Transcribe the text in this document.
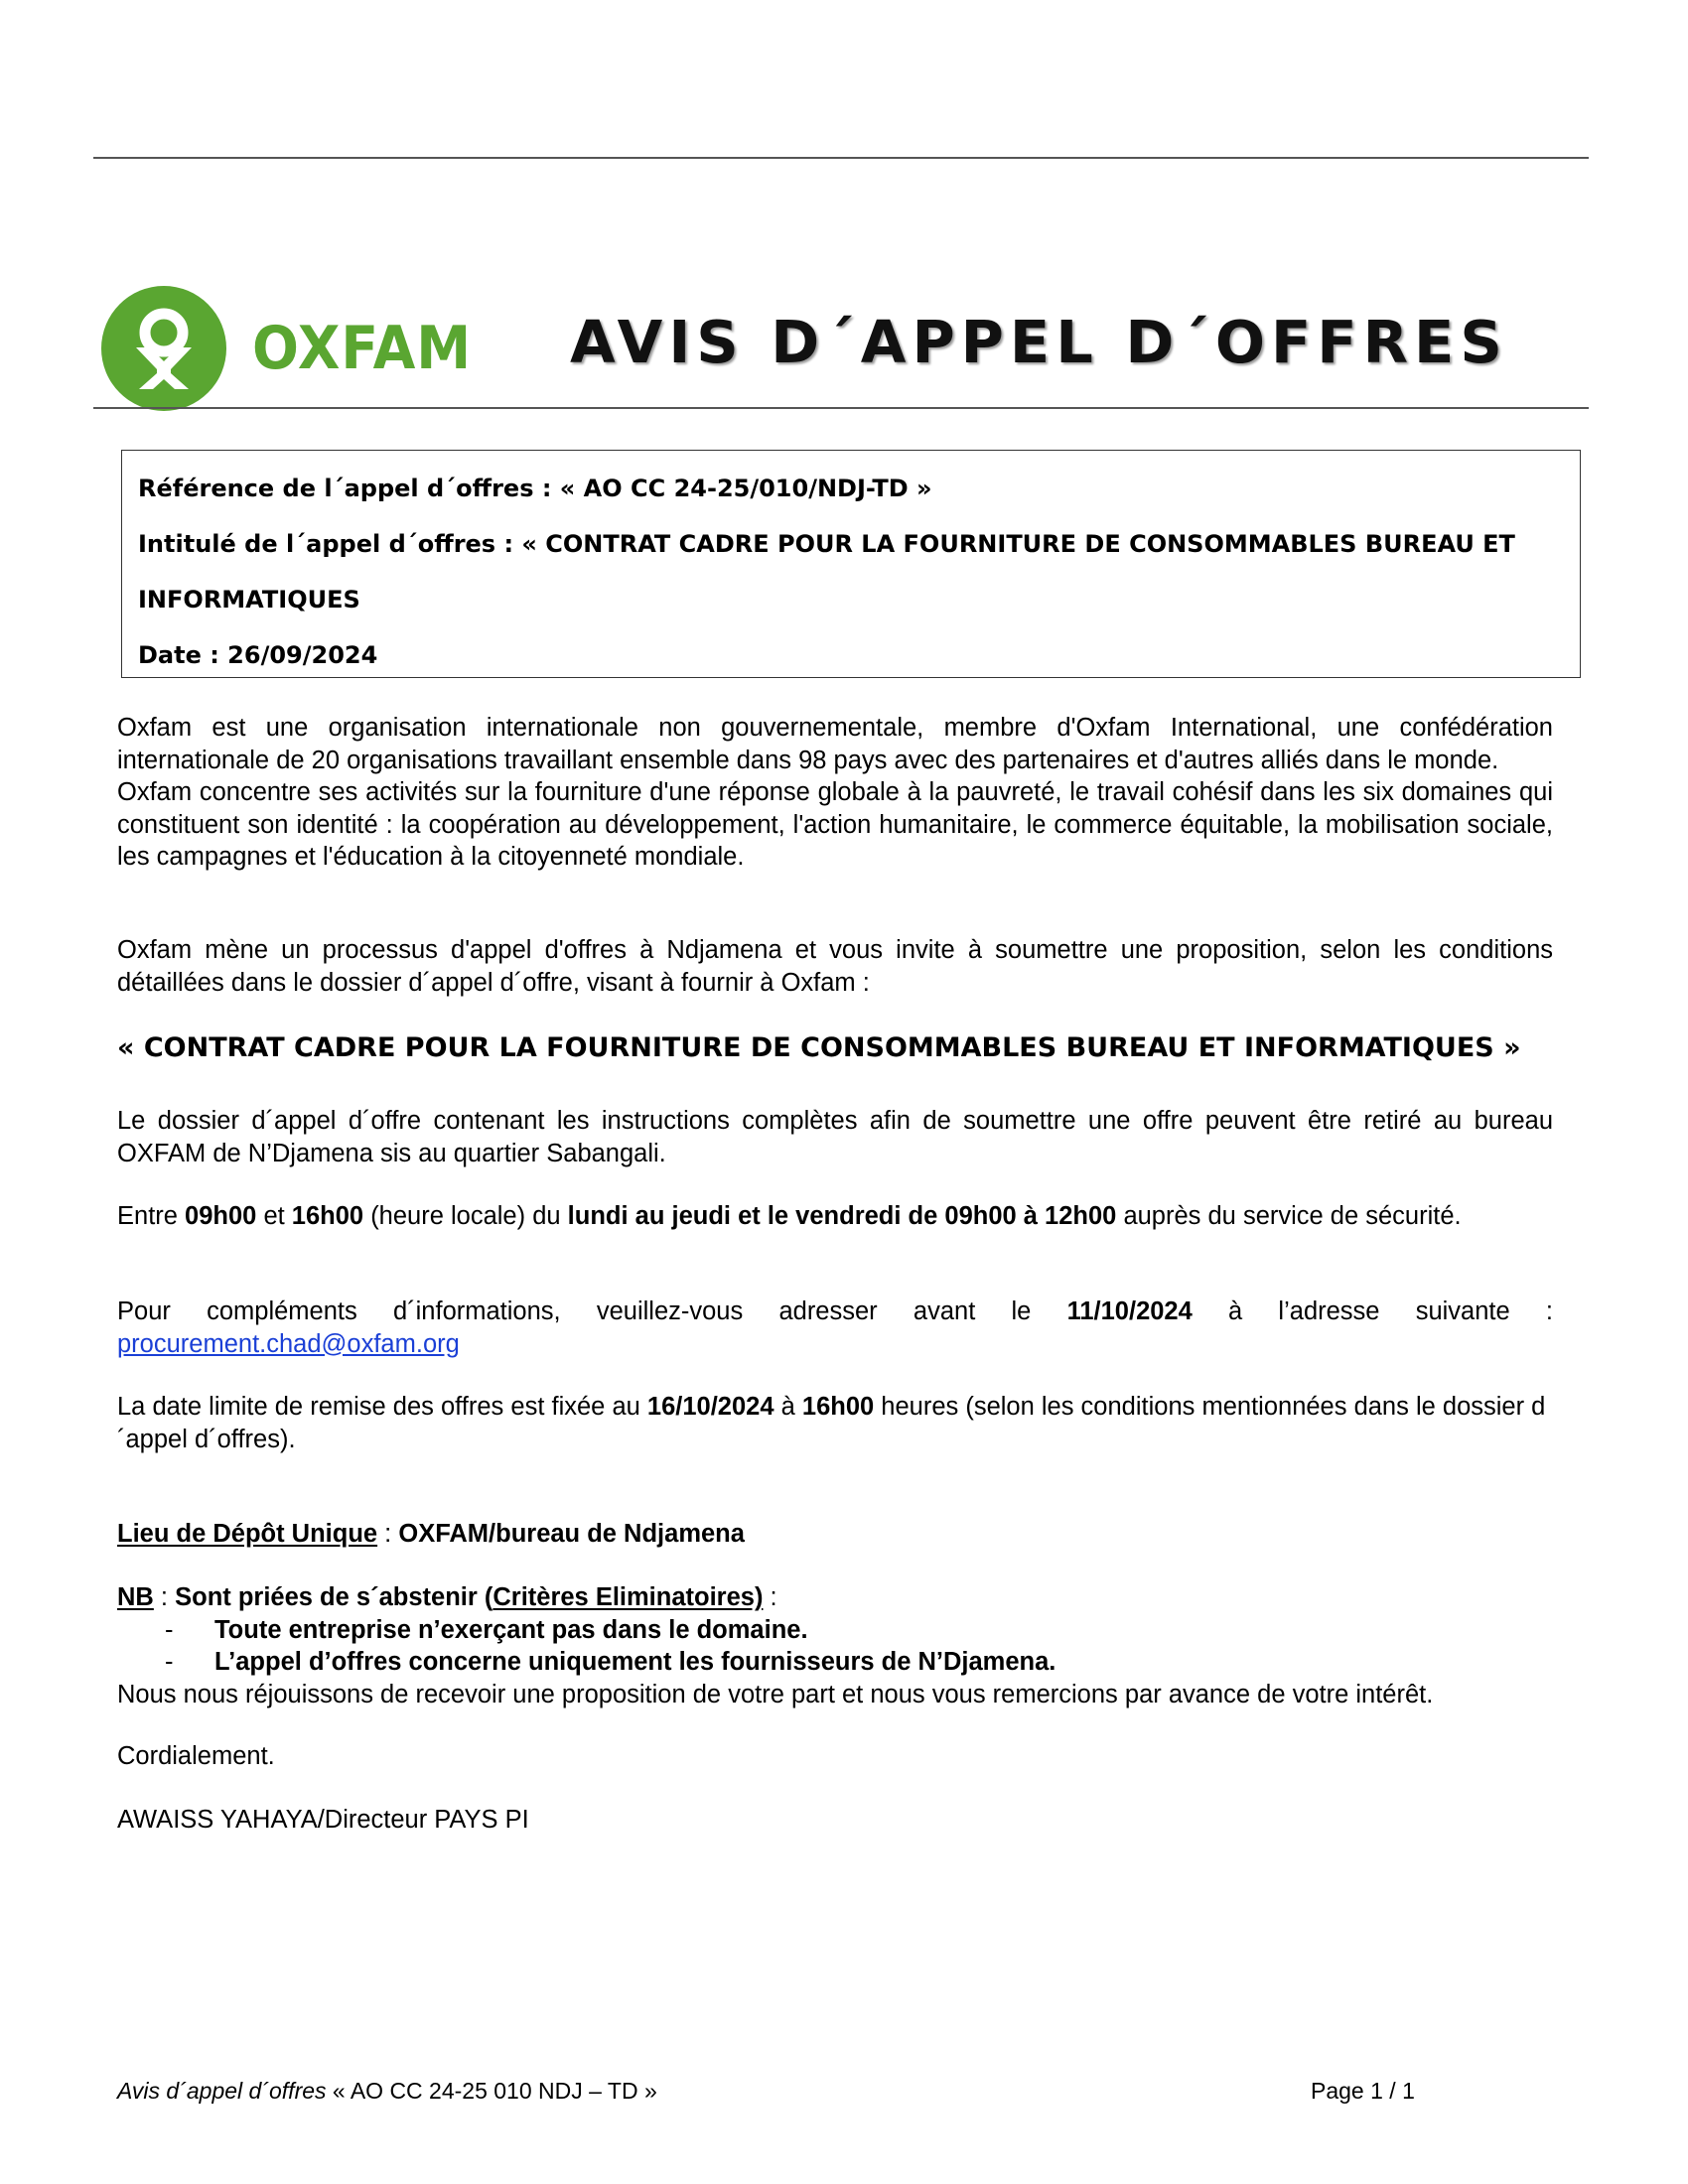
OXFAM AVIS D´APPEL D´OFFRES
Référence de l´appel d´offres : « AO CC 24-25/010/NDJ-TD »
Intitulé de l´appel d´offres : « CONTRAT CADRE POUR LA FOURNITURE DE CONSOMMABLES BUREAU ET
INFORMATIQUES
Date : 26/09/2024

Oxfam est une organisation internationale non gouvernementale, membre d'Oxfam International, une confédération internationale de 20 organisations travaillant ensemble dans 98 pays avec des partenaires et d'autres alliés dans le monde.

Oxfam concentre ses activités sur la fourniture d'une réponse globale à la pauvreté, le travail cohésif dans les six domaines qui constituent son identité : la coopération au développement, l'action humanitaire, le commerce équitable, la mobilisation sociale, les campagnes et l'éducation à la citoyenneté mondiale.

Oxfam mène un processus d'appel d'offres à Ndjamena et vous invite à soumettre une proposition, selon les conditions détaillées dans le dossier d´appel d´offre, visant à fournir à Oxfam :
« CONTRAT CADRE POUR LA FOURNITURE DE CONSOMMABLES BUREAU ET INFORMATIQUES »
Le dossier d´appel d´offre contenant les instructions complètes afin de soumettre une offre peuvent être retiré au bureau OXFAM de N’Djamena sis au quartier Sabangali.
Entre 09h00 et 16h00 (heure locale) du lundi au jeudi et le vendredi de 09h00 à 12h00 auprès du service de sécurité.

Pour compléments d´informations, veuillez-vous adresser avant le 11/10/2024 à l’adresse suivante :

procurement.chad@oxfam.org

La date limite de remise des offres est fixée au 16/10/2024 à 16h00 heures (selon les conditions mentionnées dans le dossier d´appel d´offres).
Lieu de Dépôt Unique : OXFAM/bureau de Ndjamena

NB : Sont priées de s´abstenir (Critères Eliminatoires) :

-	Toute entreprise n’exerçant pas dans le domaine.
-	L’appel d’offres concerne uniquement les fournisseurs de N’Djamena.

Nous nous réjouissons de recevoir une proposition de votre part et nous vous remercions par avance de votre intérêt.

Cordialement.
AWAISS YAHAYA/Directeur PAYS PI
Avis d´appel d´offres « AO CC 24-25 010 NDJ – TD »	Page 1 / 1
